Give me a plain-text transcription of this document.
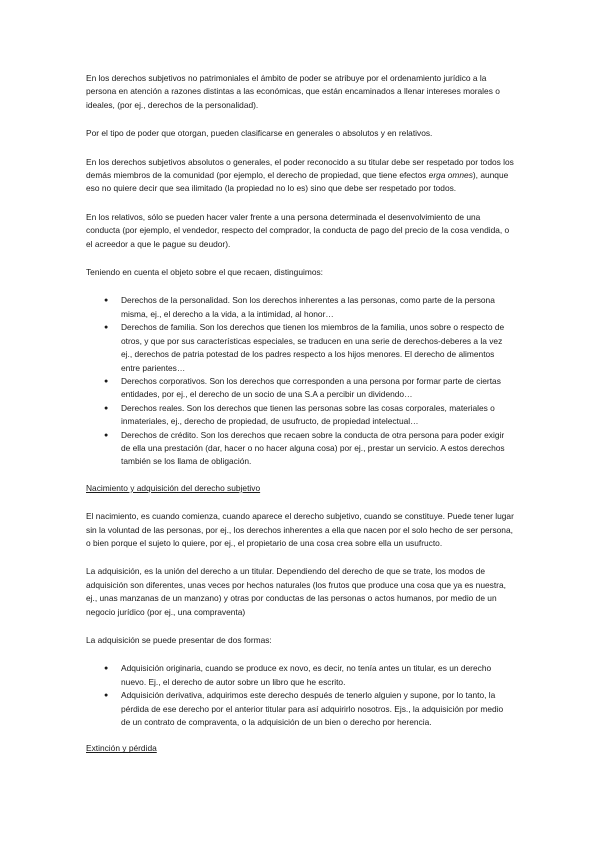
En los derechos subjetivos no patrimoniales el ámbito de poder se atribuye por el ordenamiento jurídico a la persona en atención a razones distintas a las económicas, que están encaminados a llenar intereses morales o ideales, (por ej., derechos de la personalidad).

Por el tipo de poder que otorgan, pueden clasificarse en generales o absolutos y en relativos.

En los derechos subjetivos absolutos o generales, el poder reconocido a su titular debe ser respetado por todos los demás miembros de la comunidad (por ejemplo, el derecho de propiedad, que tiene efectos erga omnes), aunque eso no quiere decir que sea ilimitado (la propiedad no lo es) sino que debe ser respetado por todos.

En los relativos, sólo se pueden hacer valer frente a una persona determinada el desenvolvimiento de una conducta (por ejemplo, el vendedor, respecto del comprador, la conducta de pago del precio de la cosa vendida, o el acreedor a que le pague su deudor).

Teniendo en cuenta el objeto sobre el que recaen, distinguimos:

● Derechos de la personalidad. Son los derechos inherentes a las personas, como parte de la persona misma, ej., el derecho a la vida, a la intimidad, al honor…
● Derechos de familia. Son los derechos que tienen los miembros de la familia, unos sobre o respecto de otros, y que por sus características especiales, se traducen en una serie de derechos-deberes a la vez ej., derechos de patria potestad de los padres respecto a los hijos menores. El derecho de alimentos entre parientes…
● Derechos corporativos. Son los derechos que corresponden a una persona por formar parte de ciertas entidades, por ej., el derecho de un socio de una S.A a percibir un dividendo…
● Derechos reales. Son los derechos que tienen las personas sobre las cosas corporales, materiales o inmateriales, ej., derecho de propiedad, de usufructo, de propiedad intelectual…
● Derechos de crédito. Son los derechos que recaen sobre la conducta de otra persona para poder exigir de ella una prestación (dar, hacer o no hacer alguna cosa) por ej., prestar un servicio. A estos derechos también se los llama de obligación.
Nacimiento y adquisición del derecho subjetivo

El nacimiento, es cuando comienza, cuando aparece el derecho subjetivo, cuando se constituye. Puede tener lugar sin la voluntad de las personas, por ej., los derechos inherentes a ella que nacen por el solo hecho de ser persona, o bien porque el sujeto lo quiere, por ej., el propietario de una cosa crea sobre ella un usufructo.

La adquisición, es la unión del derecho a un titular. Dependiendo del derecho de que se trate, los modos de adquisición son diferentes, unas veces por hechos naturales (los frutos que produce una cosa que ya es nuestra, ej., unas manzanas de un manzano) y otras por conductas de las personas o actos humanos, por medio de un negocio jurídico (por ej., una compraventa)

La adquisición se puede presentar de dos formas:

● Adquisición originaria, cuando se produce ex novo, es decir, no tenía antes un titular, es un derecho nuevo. Ej., el derecho de autor sobre un libro que he escrito.
● Adquisición derivativa, adquirimos este derecho después de tenerlo alguien y supone, por lo tanto, la pérdida de ese derecho por el anterior titular para así adquirirlo nosotros. Ejs., la adquisición por medio de un contrato de compraventa, o la adquisición de un bien o derecho por herencia.
Extinción y pérdida
